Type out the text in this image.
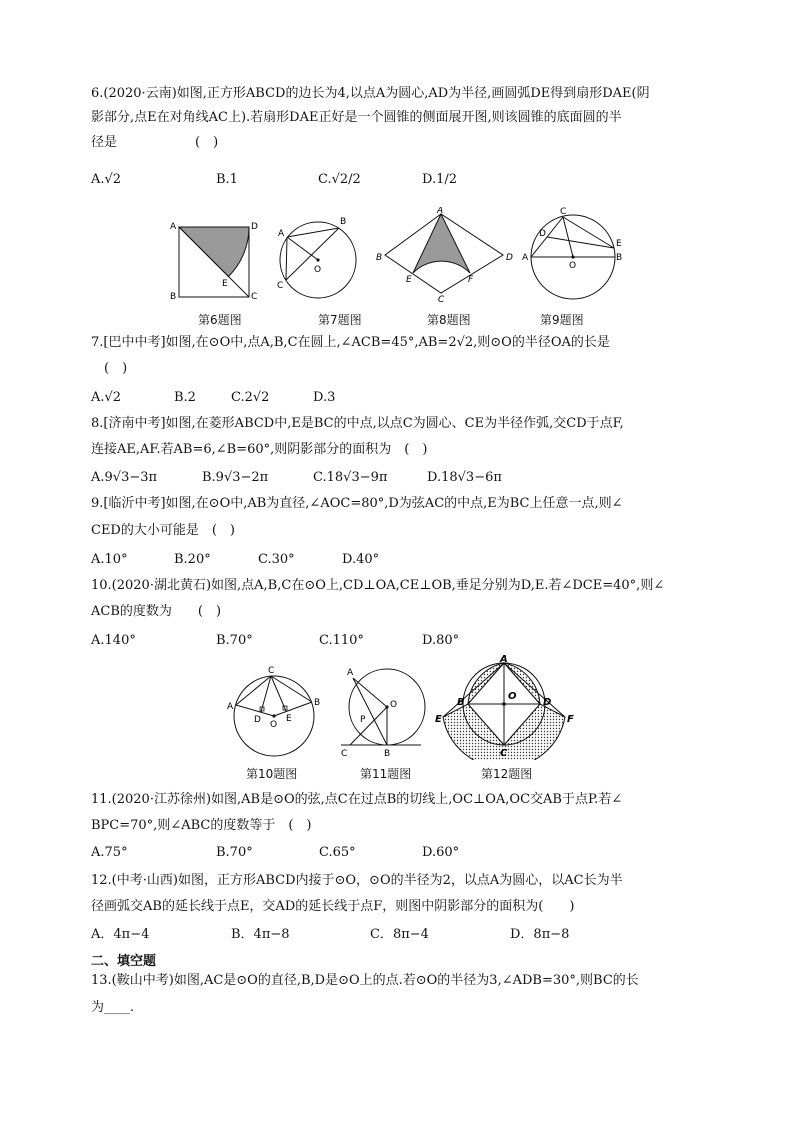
6.(2020·云南)如图,正方形ABCD的边长为4,以点A为圆心,AD为半径,画圆弧DE得到扇形DAE(阴
影部分,点E在对角线AC上).若扇形DAE正好是一个圆锥的侧面展开图,则该圆锥的底面圆的半
径是　　　　　　(　)
A.√2	B.1	C.√2/2	D.1/2
A	D
B	C
E
第6题图
A
B
O
C
第7题图
A
B
E	F
D
C
第8题图
C
D
E
A
O
B
第9题图
7.[巴中中考]如图,在⊙O中,点A,B,C在圆上,∠ACB=45°,AB=2√2,则⊙O的半径OA的长是
　(　)
A.√2	B.2	C.2√2	D.3
8.[济南中考]如图,在菱形ABCD中,E是BC的中点,以点C为圆心、CE为半径作弧,交CD于点F,
连接AE,AF.若AB=6,∠B=60°,则阴影部分的面积为　(　)
A.9√3−3π	B.9√3−2π	C.18√3−9π	D.18√3−6π
9.[临沂中考]如图,在⊙O中,AB为直径,∠AOC=80°,D为弦AC的中点,E为BC上任意一点,则∠
CED的大小可能是　(　)
A.10°	B.20°	C.30°	D.40°
10.(2020·湖北黄石)如图,点A,B,C在⊙O上,CD⊥OA,CE⊥OB,垂足分别为D,E.若∠DCE=40°,则∠
ACB的度数为　　(　)
A.140°	B.70°	C.110°	D.80°
C
A
D O
E
B
第10题图
A
O
P
C	B
第11题图
A
B
O
D
E	F
C
第12题图
11.(2020·江苏徐州)如图,AB是⊙O的弦,点C在过点B的切线上,OC⊥OA,OC交AB于点P.若∠
BPC=70°,则∠ABC的度数等于　(　)
A.75°	B.70°	C.65°	D.60°
12.(中考·山西)如图，正方形ABCD内接于⊙O，⊙O的半径为2，以点A为圆心，以AC长为半
径画弧交AB的延长线于点E，交AD的延长线于点F，则图中阴影部分的面积为(　　)
A．4π−4	B．4π−8	C．8π−4	D．8π−8
二、填空题
13.(鞍山中考)如图,AC是⊙O的直径,B,D是⊙O上的点.若⊙O的半径为3,∠ADB=30°,则BC的长
为____.
